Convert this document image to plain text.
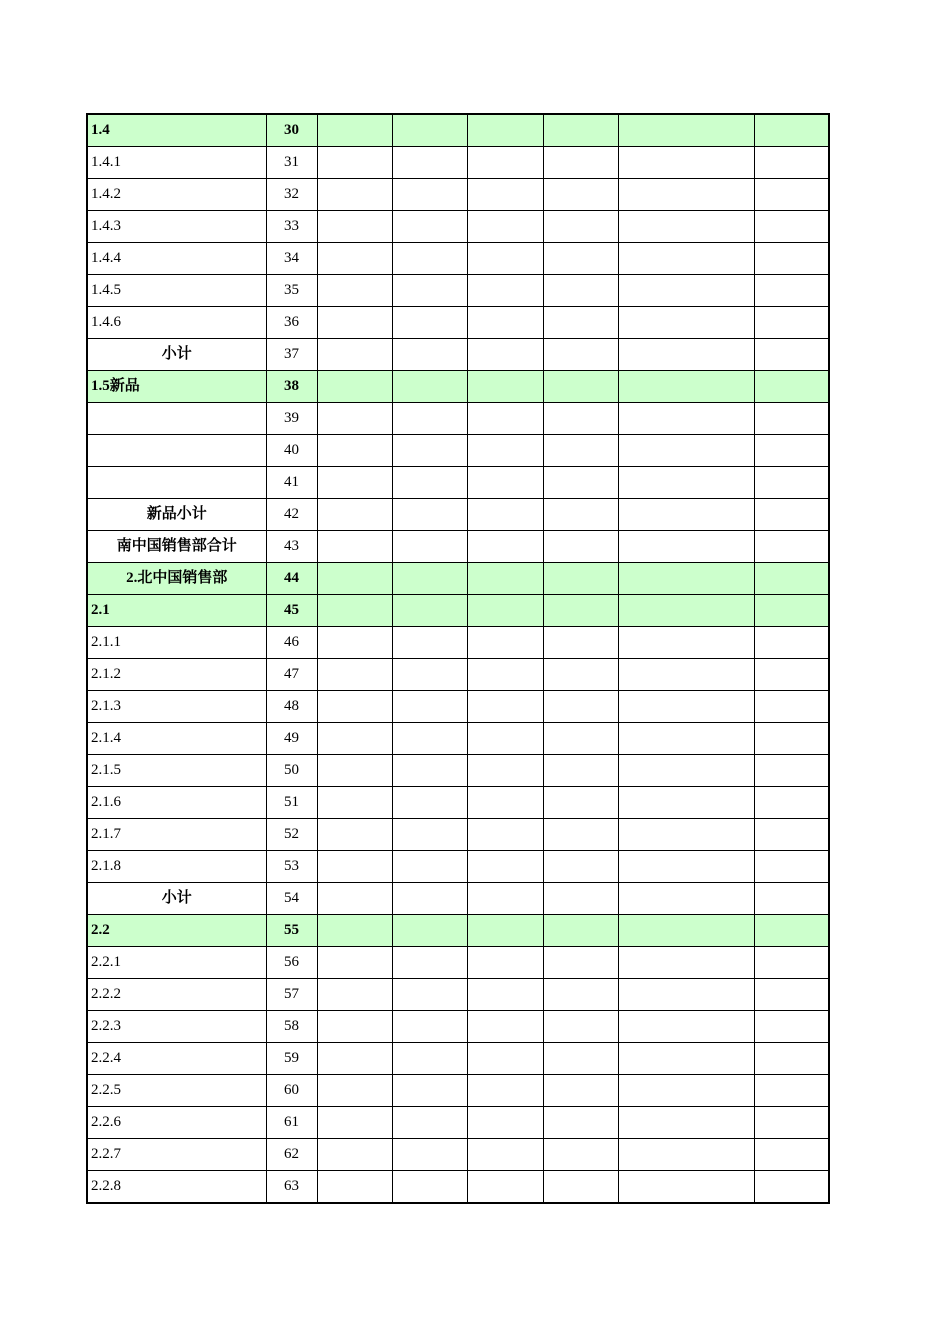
1.4	30						
1.4.1	31						
1.4.2	32						
1.4.3	33						
1.4.4	34						
1.4.5	35						
1.4.6	36						
小计	37						
1.5新品	38						
	39						
	40						
	41						
新品小计	42						
南中国销售部合计	43						
2.北中国销售部	44						
2.1	45						
2.1.1	46						
2.1.2	47						
2.1.3	48						
2.1.4	49						
2.1.5	50						
2.1.6	51						
2.1.7	52						
2.1.8	53						
小计	54						
2.2	55						
2.2.1	56						
2.2.2	57						
2.2.3	58						
2.2.4	59						
2.2.5	60						
2.2.6	61						
2.2.7	62						
2.2.8	63						
